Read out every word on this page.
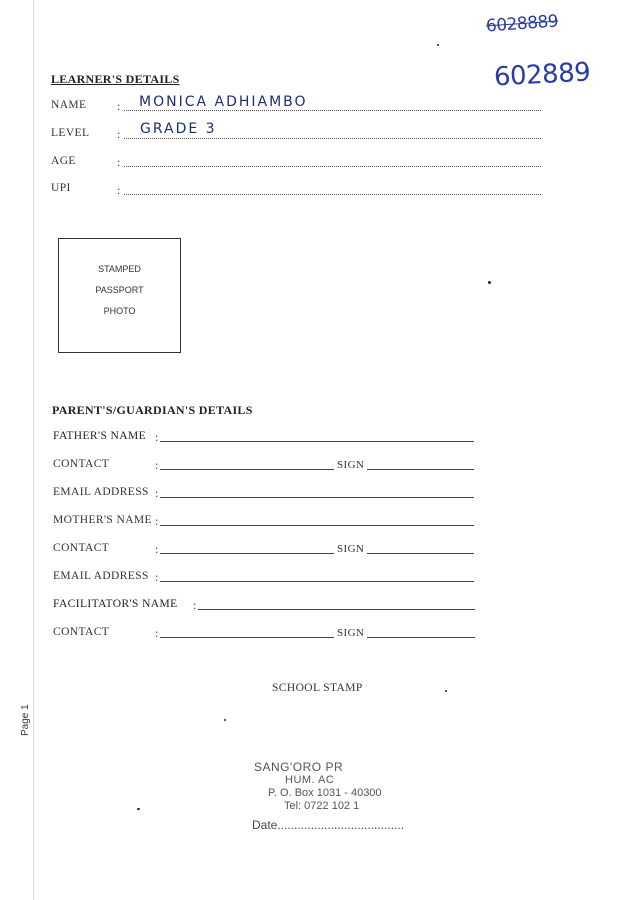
6028889
602889
LEARNER'S DETAILS
NAME	: MONICA ADHIAMBO
LEVEL : GRADE 3
AGE	:
UPI	:
STAMPED
PASSPORT
PHOTO
PARENT'S/GUARDIAN'S DETAILS
FATHER'S NAME :
CONTACT	:	SIGN
EMAIL ADDRESS :
MOTHER'S NAME :
CONTACT	:	SIGN
EMAIL ADDRESS :
FACILITATOR'S NAME :
CONTACT	:	SIGN
SCHOOL STAMP
Page 1
SANG'ORO PR
HUM. AC
P. O. Box 1031 - 40300
Tel: 0722 102 1
Date......................................
